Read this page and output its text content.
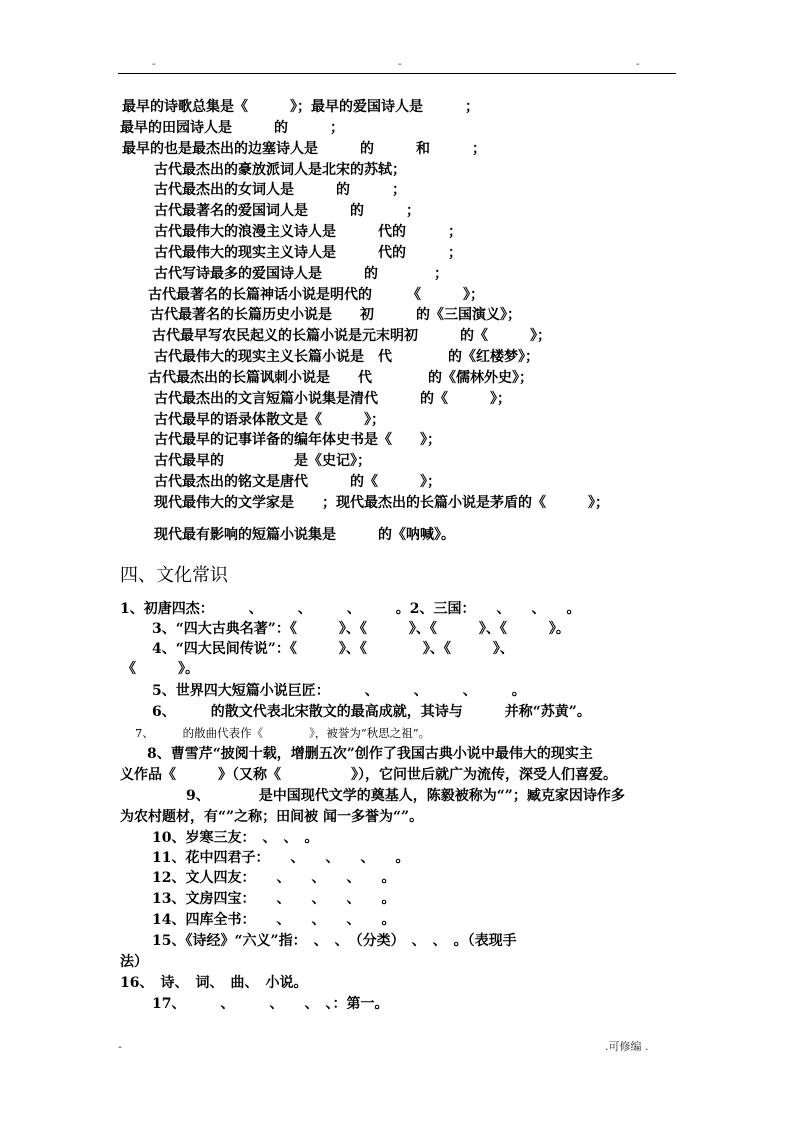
-	-	-
最早的诗歌总集是《　　　》；最早的爱国诗人是　　　；
最早的田园诗人是　　　的　　　；
最早的也是最杰出的边塞诗人是　　　的　　　和　　　；
古代最杰出的豪放派词人是北宋的苏轼；
古代最杰出的女词人是　　　的　　　；
古代最著名的爱国词人是　　　的　　　；
古代最伟大的浪漫主义诗人是　　　代的　　　；
古代最伟大的现实主义诗人是　　　代的　　　；
古代写诗最多的爱国诗人是　　　的　　　　；
古代最著名的长篇神话小说是明代的　　　《　　　》；
古代最著名的长篇历史小说是　　初　　　的《三国演义》；
古代最早写农民起义的长篇小说是元末明初　　　的《　　　》；
古代最伟大的现实主义长篇小说是　代　　　　的《红楼梦》；
古代最杰出的长篇讽刺小说是　　代　　　　的《儒林外史》；
古代最杰出的文言短篇小说集是清代　　　的《　　　》；
古代最早的语录体散文是《　　　》；
古代最早的记事详备的编年体史书是《　　》；
古代最早的　　　　　是《史记》；
古代最杰出的铭文是唐代　　　的《　　　》；
现代最伟大的文学家是　　；现代最杰出的长篇小说是茅盾的《　　　》；
现代最有影响的短篇小说集是　　　的《呐喊》。
四、文化常识
1、初唐四杰：　　　、　　　、　　　、　　　。2、三国：　　、　　、　　。
3、“四大古典名著”：《　　　》、《　　　》、《　　　》、《　　　》。
4、“四大民间传说”：《　　　》、《　　　　》、《　　　》、
《　　　》。
5、世界四大短篇小说巨匠：　　　、　　　、　　　、　　　。
6、　　　的散文代表北宋散文的最高成就，其诗与　　　并称“苏黄”。
7、　　　的散曲代表作《　　　　》，被誉为“秋思之祖”。
8、曹雪芹“披阅十载，增删五次”创作了我国古典小说中最伟大的现实主
义作品《　　　》（又称《　　　　　》），它问世后就广为流传，深受人们喜爱。
9、　　　　是中国现代文学的奠基人，陈毅被称为“”；臧克家因诗作多
为农村题材，有“”之称；田间被 闻一多誉为“”。
10、岁寒三友：　、　、　。
11、花中四君子：　　、　　、　　、　　。
12、文人四友：　　、　　、　　、　　。
13、文房四宝：　　、　　、　　、　　。
14、四库全书：　　、　　、　　、　　。
15、《诗经》“六义”指：　、　、　（分类）　、　、　。（表现手
法）
16、　诗、　词、　曲、　小说。
17、　　　、　　　、　　、　、：第一。
-	.可修编 .
